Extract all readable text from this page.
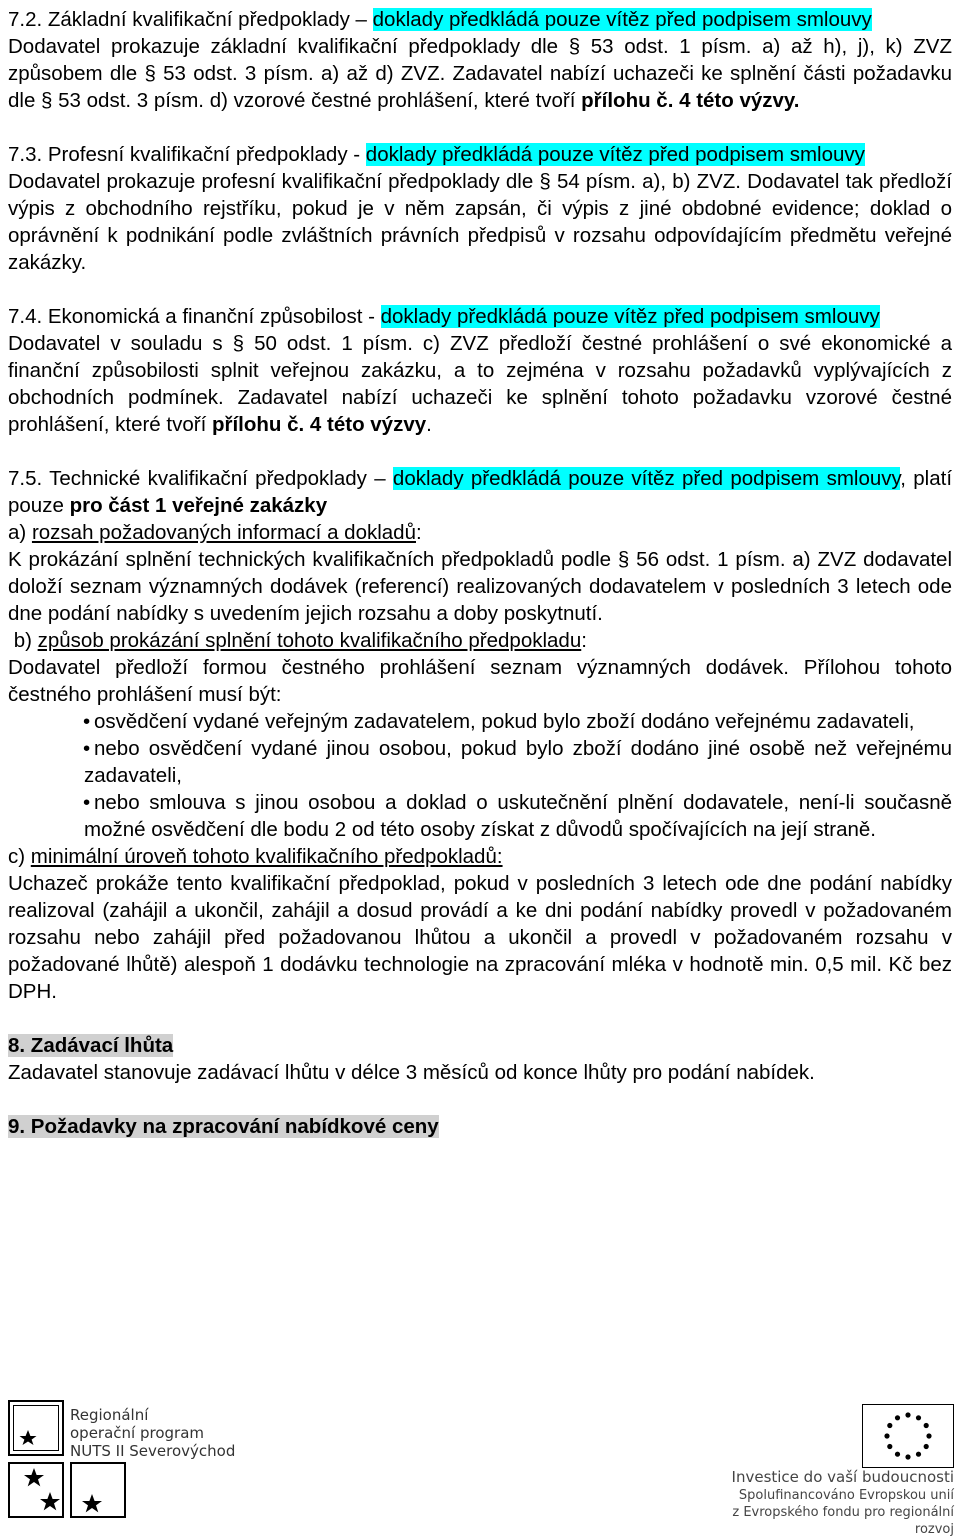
7.2. Základní kvalifikační předpoklady – doklady předkládá pouze vítěz před podpisem smlouvy

Dodavatel prokazuje základní kvalifikační předpoklady dle § 53 odst. 1 písm. a) až h), j), k) ZVZ způsobem dle § 53 odst. 3 písm. a) až d) ZVZ. Zadavatel nabízí uchazeči ke splnění části požadavku dle § 53 odst. 3 písm. d) vzorové čestné prohlášení, které tvoří přílohu č. 4 této výzvy.

7.3. Profesní kvalifikační předpoklady - doklady předkládá pouze vítěz před podpisem smlouvy

Dodavatel prokazuje profesní kvalifikační předpoklady dle § 54 písm. a), b) ZVZ. Dodavatel tak předloží výpis z obchodního rejstříku, pokud je v něm zapsán, či výpis z jiné obdobné evidence; doklad o oprávnění k podnikání podle zvláštních právních předpisů v rozsahu odpovídajícím předmětu veřejné zakázky.

7.4. Ekonomická a finanční způsobilost - doklady předkládá pouze vítěz před podpisem smlouvy

Dodavatel v souladu s § 50 odst. 1 písm. c) ZVZ předloží čestné prohlášení o své ekonomické a finanční způsobilosti splnit veřejnou zakázku, a to zejména v rozsahu požadavků vyplývajících z obchodních podmínek. Zadavatel nabízí uchazeči ke splnění tohoto požadavku vzorové čestné prohlášení, které tvoří přílohu č. 4 této výzvy.

7.5. Technické kvalifikační předpoklady – doklady předkládá pouze vítěz před podpisem smlouvy, platí pouze pro část 1 veřejné zakázky

a) rozsah požadovaných informací a dokladů:

K prokázání splnění technických kvalifikačních předpokladů podle § 56 odst. 1 písm. a) ZVZ dodavatel doloží seznam významných dodávek (referencí) realizovaných dodavatelem v posledních 3 letech ode dne podání nabídky s uvedením jejich rozsahu a doby poskytnutí.

b) způsob prokázání splnění tohoto kvalifikačního předpokladu:

Dodavatel předloží formou čestného prohlášení seznam významných dodávek. Přílohou tohoto čestného prohlášení musí být:

• osvědčení vydané veřejným zadavatelem, pokud bylo zboží dodáno veřejnému zadavateli,
• nebo osvědčení vydané jinou osobou, pokud bylo zboží dodáno jiné osobě než veřejnému zadavateli,
• nebo smlouva s jinou osobou a doklad o uskutečnění plnění dodavatele, není-li současně možné osvědčení dle bodu 2 od této osoby získat z důvodů spočívajících na její straně.

c) minimální úroveň tohoto kvalifikačního předpokladů:

Uchazeč prokáže tento kvalifikační předpoklad, pokud v posledních 3 letech ode dne podání nabídky realizoval (zahájil a ukončil, zahájil a dosud provádí a ke dni podání nabídky provedl v požadovaném rozsahu nebo zahájil před požadovanou lhůtou a ukončil a provedl v požadovaném rozsahu v požadované lhůtě) alespoň 1 dodávku technologie na zpracování mléka v hodnotě min. 0,5 mil. Kč bez DPH.

8. Zadávací lhůta

Zadavatel stanovuje zadávací lhůtu v délce 3 měsíců od konce lhůty pro podání nabídek.

9. Požadavky na zpracování nabídkové ceny

Regionální
operační program
NUTS II Severovýchod
Investice do vaší budoucnosti
Spolufinancováno Evropskou unií
z Evropského fondu pro regionální rozvoj
